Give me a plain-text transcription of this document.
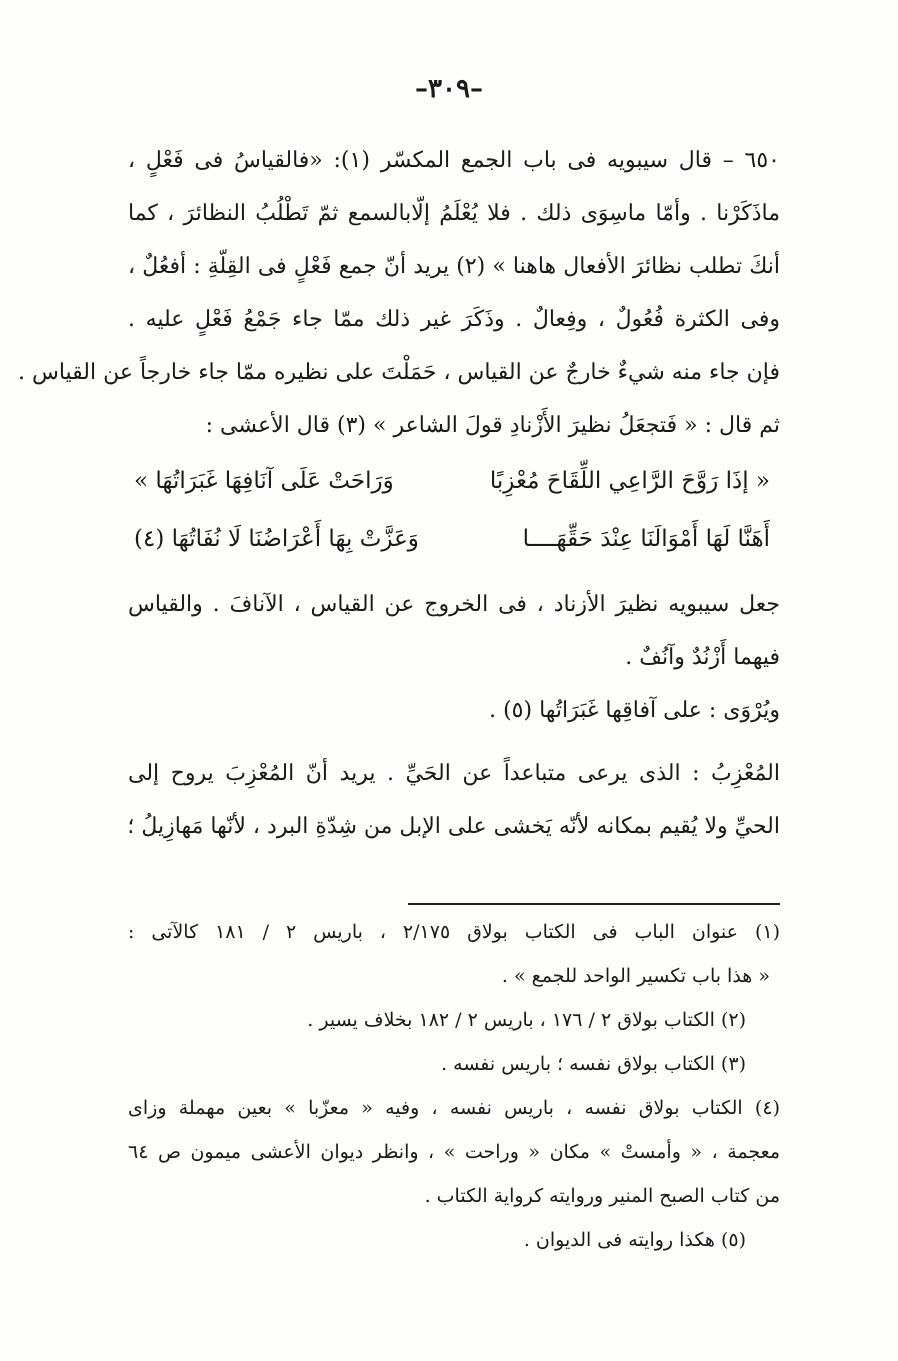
–٣٠٩–
٦٥٠ – قال سيبويه فى باب الجمع المكسّر (١): «فالقياسُ فى فَعْلٍ ،
ماذَكَرْنا . وأمّا ماسِوَى ذلك . فلا يُعْلَمُ إلّابالسمع ثمّ تَطْلُبُ النظائرَ ، كما
أنكَ تطلب نظائرَ الأفعال هاهنا » (٢) يريد أنّ جمع فَعْلٍ فى القِلّةِ : أفعُلٌ ،
وفى الكثرة فُعُولٌ ، وفِعالٌ . وذَكَرَ غير ذلك ممّا جاء جَمْعُ فَعْلٍ عليه .
فإن جاء منه شيءٌ خارجٌ عن القياس ، حَمَلْتَ على نظيره ممّا جاء خارجاً عن القياس .
ثم قال : « فَتجعَلُ نظيرَ الأَزْنادِ قولَ الشاعر » (٣) قال الأعشى :
« إذَا رَوَّحَ الرَّاعِي اللِّقَاحَ مُعْزِبًا
وَرَاحَتْ عَلَى آنَافِهَا غَبَرَاتُهَا »
أَهَنَّا لَهَا أَمْوَالَنَا عِنْدَ حَقِّهَــــا
وَعَزَّتْ بِهَا أَعْرَاضُنَا لَا نُفَاتُهَا (٤)
جعل سيبويه نظيرَ الأزناد ، فى الخروج عن القياس ، الآنافَ . والقياس
فيهما أَزْنُدٌ وآنُفٌ .
ويُرْوَى : على آفاقِها غَبَرَاتُها (٥) .
المُعْزِبُ : الذى يرعى متباعداً عن الحَيِّ . يريد أنّ المُعْزِبَ يروح إلى
الحيِّ ولا يُقيم بمكانه لأنّه يَخشى على الإبل من شِدّةِ البرد ، لأنّها مَهازِيلُ ؛
(١) عنوان الباب فى الكتاب بولاق ٢/١٧٥ ، باريس ٢ / ١٨١ كالآتى :
« هذا باب تكسير الواحد للجمع » .
(٢) الكتاب بولاق ٢ / ١٧٦ ، باريس ٢ / ١٨٢ بخلاف يسير .
(٣) الكتاب بولاق نفسه ؛ باريس نفسه .
(٤) الكتاب بولاق نفسه ، باريس نفسه ، وفيه « معزّبا » بعين مهملة وزاى
معجمة ، « وأمستْ » مكان « وراحت » ، وانظر ديوان الأعشى ميمون ص ٦٤
من كتاب الصبح المنير وروايته كرواية الكتاب .
(٥) هكذا روايته فى الديوان .
